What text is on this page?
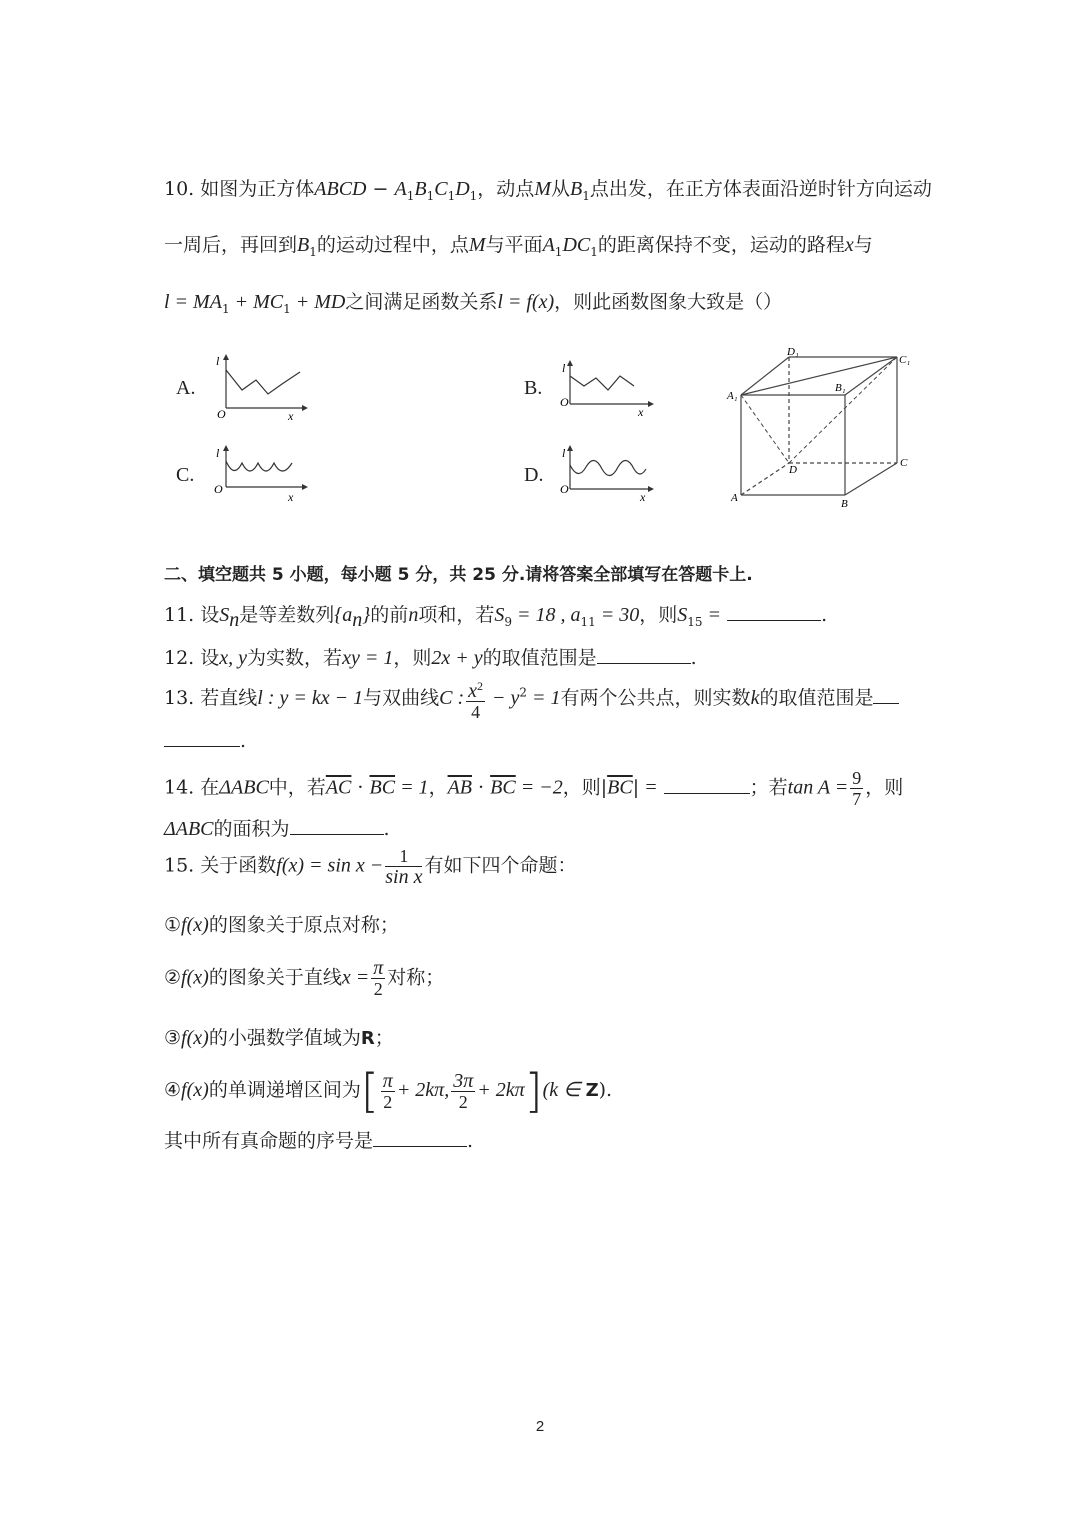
10. 如图为正方体ABCD − $A_1B_1C_1D_1$，动点M从$B_1$点出发，在正方体表面沿逆时针方向运动
一周后，再回到$B_1$的运动过程中，点M与平面$A_1DC_1$的距离保持不变，运动的路程x与
$l = MA_1 + MC_1$ + MD之间满足函数关系l = f(x)，则此函数图象大致是（）
A.	B.
C.	D.
O	x
l
O
x
l
O
x
l
O
x
l
D₁
C₁
A₁
B₁
D
C
A	B
二、填空题共 5 小题，每小题 5 分，共 25 分.请将答案全部填写在答题卡上.
11. 设$S_n$是等差数列$\{a_n\}$的前n项和，若$S_9 = 18$ , $a_{11} = 30$，则$S_{15}$ =	.
12. 设x, y为实数，若xy = 1，则2x + y的取值范围是	.
13. 若直线l : y = kx − 1与双曲线C : $\frac{x^2}{4} - y^2 = 1$有两个公共点，则实数k的取值范围是
.
14. 在ΔABC中，若$\overline{AC} \cdot \overline{BC} = 1$，$\overline{AB} \cdot \overline{BC} = -2$，则$|\overline{BC}|$ =	；若$\tan A = \frac{9}{7}$ ，则
ΔABC的面积为	.
15. 关于函数$f(x) = \sin x - \frac{1}{\text{sin x}}$ 有如下四个命题：
①f(x)的图象关于原点对称；
②f(x)的图象关于直线$x = \frac{\pi}{2}$ 对称；
③f(x)的小强数学值域为R；
④f(x)的单调递增区间为[ $\frac{\pi}{2} + 2k\pi$, $\frac{3\pi}{2} + 2k\pi](k$ ∈ Z).
其中所有真命题的序号是	.
2
